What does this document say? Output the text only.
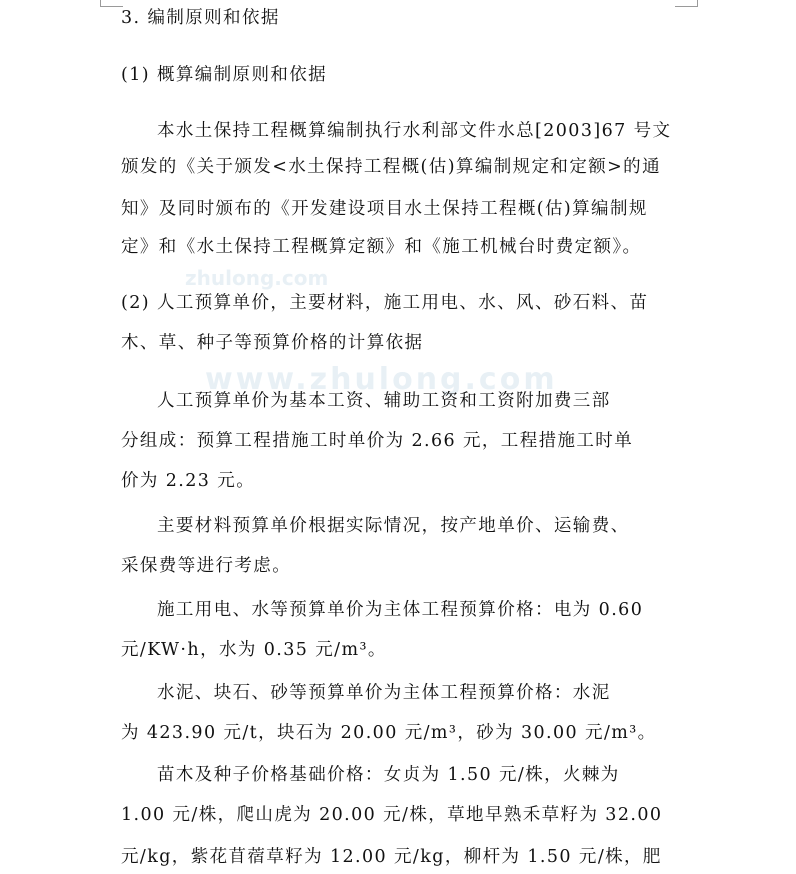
zhulong.com
www.zhulong.com

3. 编制原则和依据

(1) 概算编制原则和依据

本水土保持工程概算编制执行水利部文件水总[2003]67 号文

颁发的《关于颁发<水土保持工程概(估)算编制规定和定额>的通

知》及同时颁布的《开发建设项目水土保持工程概(估)算编制规

定》和《水土保持工程概算定额》和《施工机械台时费定额》。

(2) 人工预算单价，主要材料，施工用电、水、风、砂石料、苗

木、草、种子等预算价格的计算依据

人工预算单价为基本工资、辅助工资和工资附加费三部

分组成：预算工程措施工时单价为 2.66 元，工程措施工时单

价为 2.23 元。

主要材料预算单价根据实际情况，按产地单价、运输费、

采保费等进行考虑。

施工用电、水等预算单价为主体工程预算价格：电为 0.60

元/KW·h，水为 0.35 元/m³。

水泥、块石、砂等预算单价为主体工程预算价格：水泥

为 423.90 元/t，块石为 20.00 元/m³，砂为 30.00 元/m³。

苗木及种子价格基础价格：女贞为 1.50 元/株，火棘为

1.00 元/株，爬山虎为 20.00 元/株，草地早熟禾草籽为 32.00

元/kg，紫花苜蓿草籽为 12.00 元/kg，柳杆为 1.50 元/株，肥
